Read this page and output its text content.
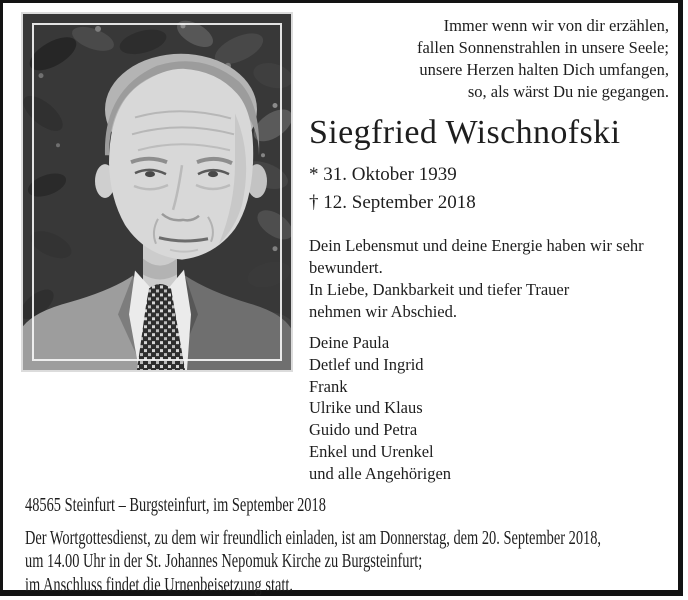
Immer wenn wir von dir erzählen,
fallen Sonnenstrahlen in unsere Seele;
unsere Herzen halten Dich umfangen,
so, als wärst Du nie gegangen.
Siegfried Wischnofski
* 31. Oktober 1939
† 12. September 2018
Dein Lebensmut und deine Energie haben wir sehr
bewundert.
In Liebe, Dankbarkeit und tiefer Trauer
nehmen wir Abschied.
Deine Paula
Detlef und Ingrid
Frank
Ulrike und Klaus
Guido und Petra
Enkel und Urenkel
und alle Angehörigen
48565 Steinfurt – Burgsteinfurt, im September 2018
Der Wortgottesdienst, zu dem wir freundlich einladen, ist am Donnerstag, dem 20. September 2018,
um 14.00 Uhr in der St. Johannes Nepomuk Kirche zu Burgsteinfurt;
im Anschluss findet die Urnenbeisetzung statt.
